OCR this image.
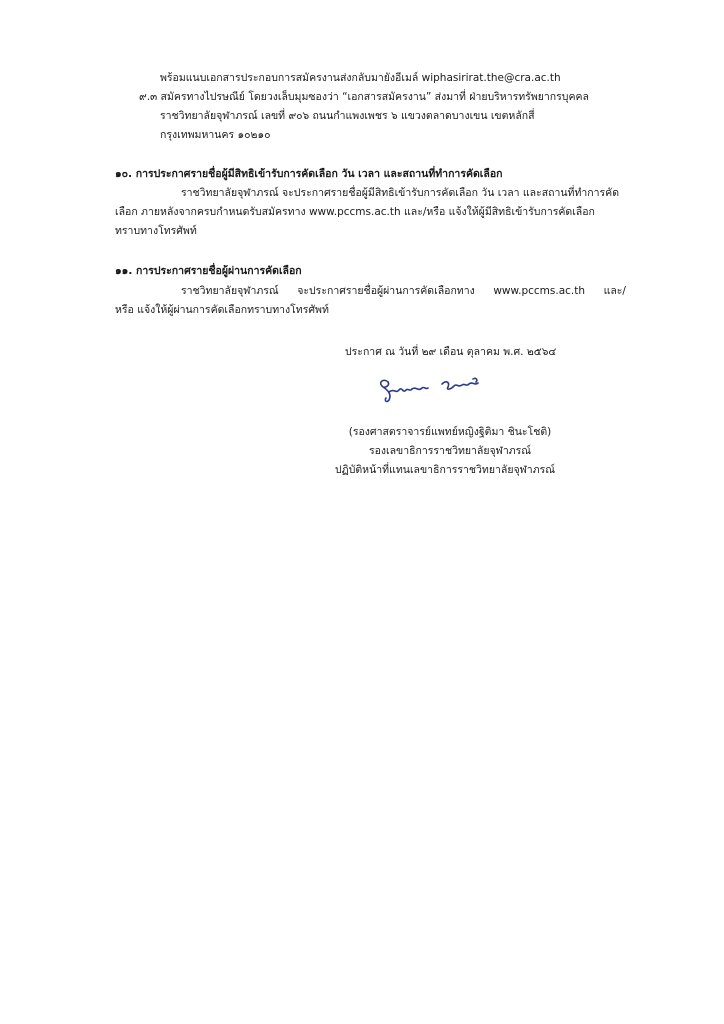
พร้อมแนบเอกสารประกอบการสมัครงานส่งกลับมายังอีเมล์ wiphasirirat.the@cra.ac.th
๙.๓ สมัครทางไปรษณีย์ โดยวงเล็บมุมซองว่า “เอกสารสมัครงาน” ส่งมาที่ ฝ่ายบริหารทรัพยากรบุคคล
ราชวิทยาลัยจุฬาภรณ์ เลขที่ ๙๐๖ ถนนกำแพงเพชร ๖ แขวงตลาดบางเขน เขตหลักสี่
กรุงเทพมหานคร ๑๐๒๑๐
๑๐. การประกาศรายชื่อผู้มีสิทธิเข้ารับการคัดเลือก วัน เวลา และสถานที่ทำการคัดเลือก
ราชวิทยาลัยจุฬาภรณ์ จะประกาศรายชื่อผู้มีสิทธิเข้ารับการคัดเลือก วัน เวลา และสถานที่ทำการคัด
เลือก ภายหลังจากครบกำหนดรับสมัครทาง www.pccms.ac.th และ/หรือ แจ้งให้ผู้มีสิทธิเข้ารับการคัดเลือก
ทราบทางโทรศัพท์
๑๑. การประกาศรายชื่อผู้ผ่านการคัดเลือก
ราชวิทยาลัยจุฬาภรณ์ จะประกาศรายชื่อผู้ผ่านการคัดเลือกทาง www.pccms.ac.th และ/
หรือ แจ้งให้ผู้ผ่านการคัดเลือกทราบทางโทรศัพท์
ประกาศ ณ วันที่ ๒๙ เดือน ตุลาคม พ.ศ. ๒๕๖๔
(รองศาสตราจารย์แพทย์หญิงฐิติมา ชินะโชติ)
รองเลขาธิการราชวิทยาลัยจุฬาภรณ์
ปฏิบัติหน้าที่แทนเลขาธิการราชวิทยาลัยจุฬาภรณ์
